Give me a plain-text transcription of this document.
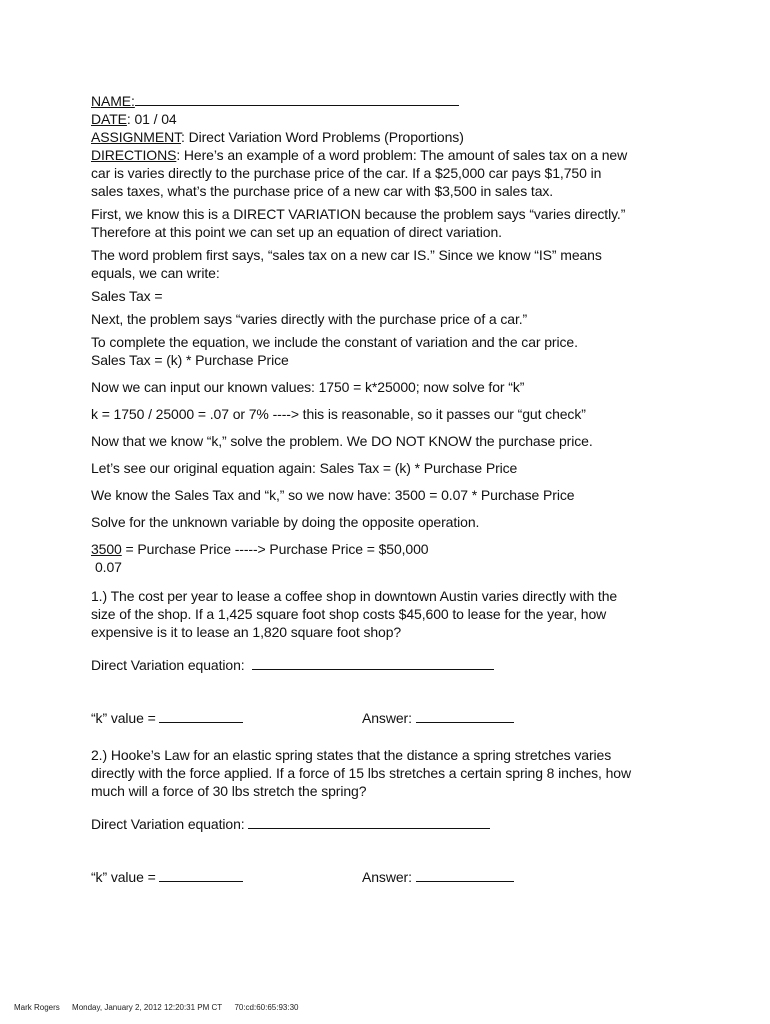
NAME:
DATE: 01 / 04
ASSIGNMENT: Direct Variation Word Problems (Proportions)
DIRECTIONS: Here’s an example of a word problem: The amount of sales tax on a new car is varies directly to the purchase price of the car. If a $25,000 car pays $1,750 in sales taxes, what’s the purchase price of a new car with $3,500 in sales tax.
First, we know this is a DIRECT VARIATION because the problem says “varies directly.” Therefore at this point we can set up an equation of direct variation.
The word problem first says, “sales tax on a new car IS.” Since we know “IS” means equals, we can write:
Sales Tax =
Next, the problem says “varies directly with the purchase price of a car.”
To complete the equation, we include the constant of variation and the car price.
Sales Tax = (k) * Purchase Price
Now we can input our known values: 1750 = k*25000; now solve for “k”
k = 1750 / 25000 = .07 or 7% ----> this is reasonable, so it passes our “gut check”
Now that we know “k,” solve the problem. We DO NOT KNOW the purchase price.
Let’s see our original equation again: Sales Tax = (k) * Purchase Price
We know the Sales Tax and “k,” so we now have: 3500 = 0.07 * Purchase Price
Solve for the unknown variable by doing the opposite operation.
3500 = Purchase Price -----> Purchase Price = $50,000
0.07
1.) The cost per year to lease a coffee shop in downtown Austin varies directly with the size of the shop. If a 1,425 square foot shop costs $45,600 to lease for the year, how expensive is it to lease an 1,820 square foot shop?
Direct Variation equation:
“k” value =	Answer:
2.) Hooke’s Law for an elastic spring states that the distance a spring stretches varies directly with the force applied. If a force of 15 lbs stretches a certain spring 8 inches, how much will a force of 30 lbs stretch the spring?
Direct Variation equation:
“k” value =	Answer:
Mark Rogers Monday, January 2, 2012 12:20:31 PM CT 70:cd:60:65:93:30
